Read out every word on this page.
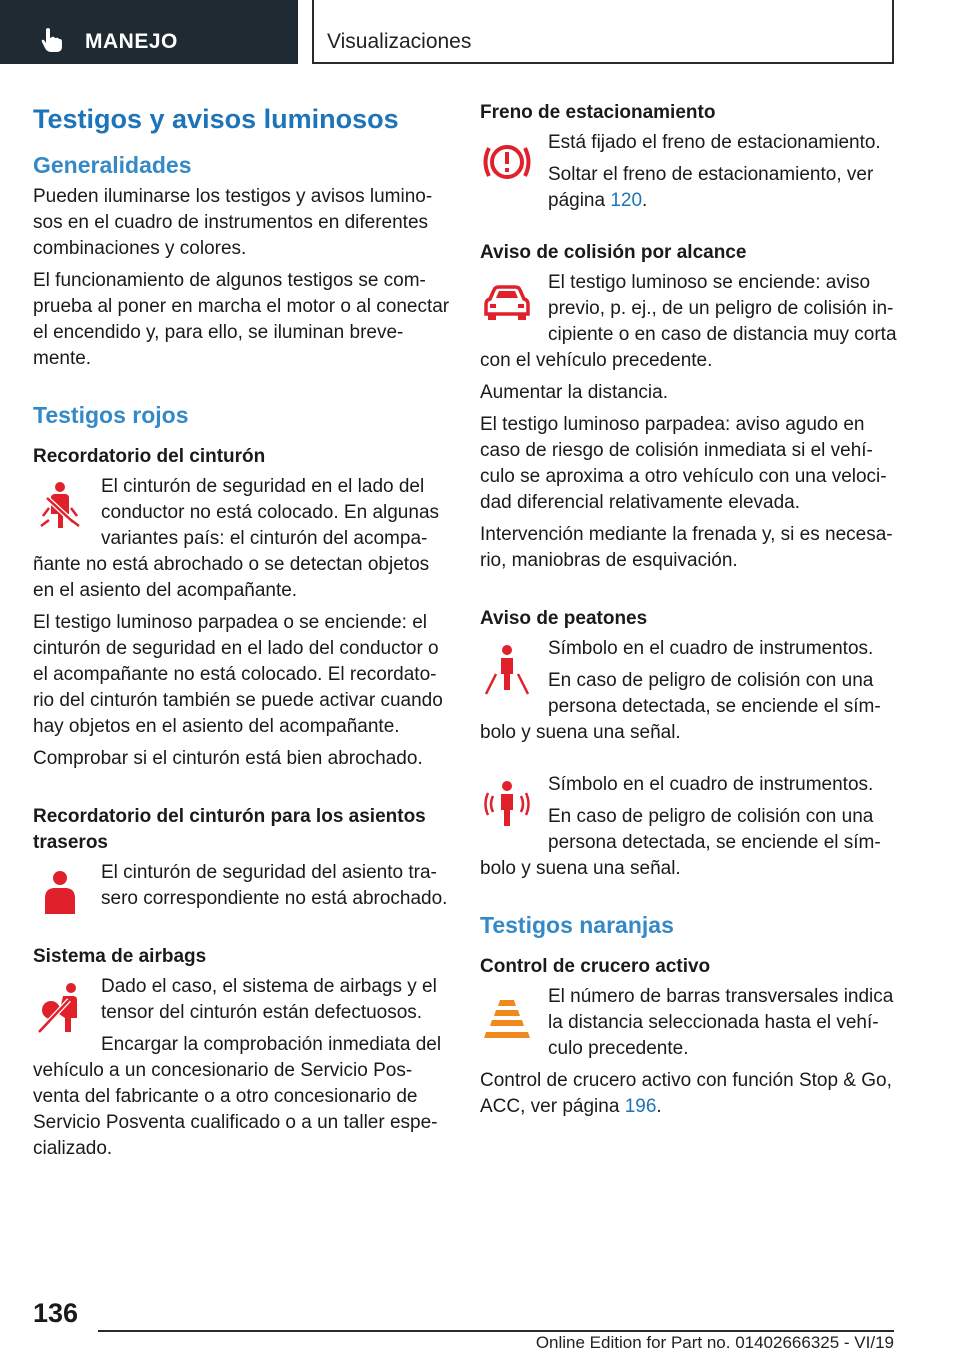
MANEJO	Visualizaciones
Testigos y avisos luminosos
Generalidades

Pueden iluminarse los testigos y avisos lumino-sos en el cuadro de instrumentos en diferentes combinaciones y colores.

El funcionamiento de algunos testigos se com-prueba al poner en marcha el motor o al conectar el encendido y, para ello, se iluminan breve-mente.

Testigos rojos
Recordatorio del cinturón

El cinturón de seguridad en el lado del conductor no está colocado. En algunas variantes país: el cinturón del acompa-ñante no está abrochado o se detectan objetos en el asiento del acompañante.

El testigo luminoso parpadea o se enciende: el cinturón de seguridad en el lado del conductor o el acompañante no está colocado. El recordato-rio del cinturón también se puede activar cuando hay objetos en el asiento del acompañante.

Comprobar si el cinturón está bien abrochado.

Recordatorio del cinturón para los asientos traseros

El cinturón de seguridad del asiento tra-sero correspondiente no está abrochado.

Sistema de airbags

Dado el caso, el sistema de airbags y el tensor del cinturón están defectuosos.

Encargar la comprobación inmediata del vehículo a un concesionario de Servicio Pos-venta del fabricante o a otro concesionario de Servicio Posventa cualificado o a un taller espe-cializado.

Freno de estacionamiento

Está fijado el freno de estacionamiento.

Soltar el freno de estacionamiento, ver página 120.

Aviso de colisión por alcance

El testigo luminoso se enciende: aviso previo, p. ej., de un peligro de colisión in-cipiente o en caso de distancia muy corta con el vehículo precedente.

Aumentar la distancia.

El testigo luminoso parpadea: aviso agudo en caso de riesgo de colisión inmediata si el vehí-culo se aproxima a otro vehículo con una veloci-dad diferencial relativamente elevada.

Intervención mediante la frenada y, si es necesa-rio, maniobras de esquivación.

Aviso de peatones

Símbolo en el cuadro de instrumentos.

En caso de peligro de colisión con una persona detectada, se enciende el sím-bolo y suena una señal.

Símbolo en el cuadro de instrumentos.

En caso de peligro de colisión con una persona detectada, se enciende el sím-bolo y suena una señal.

Testigos naranjas
Control de crucero activo

El número de barras transversales indica la distancia seleccionada hasta el vehí-culo precedente.

Control de crucero activo con función Stop & Go, ACC, ver página 196.

136
Online Edition for Part no. 01402666325 - VI/19
